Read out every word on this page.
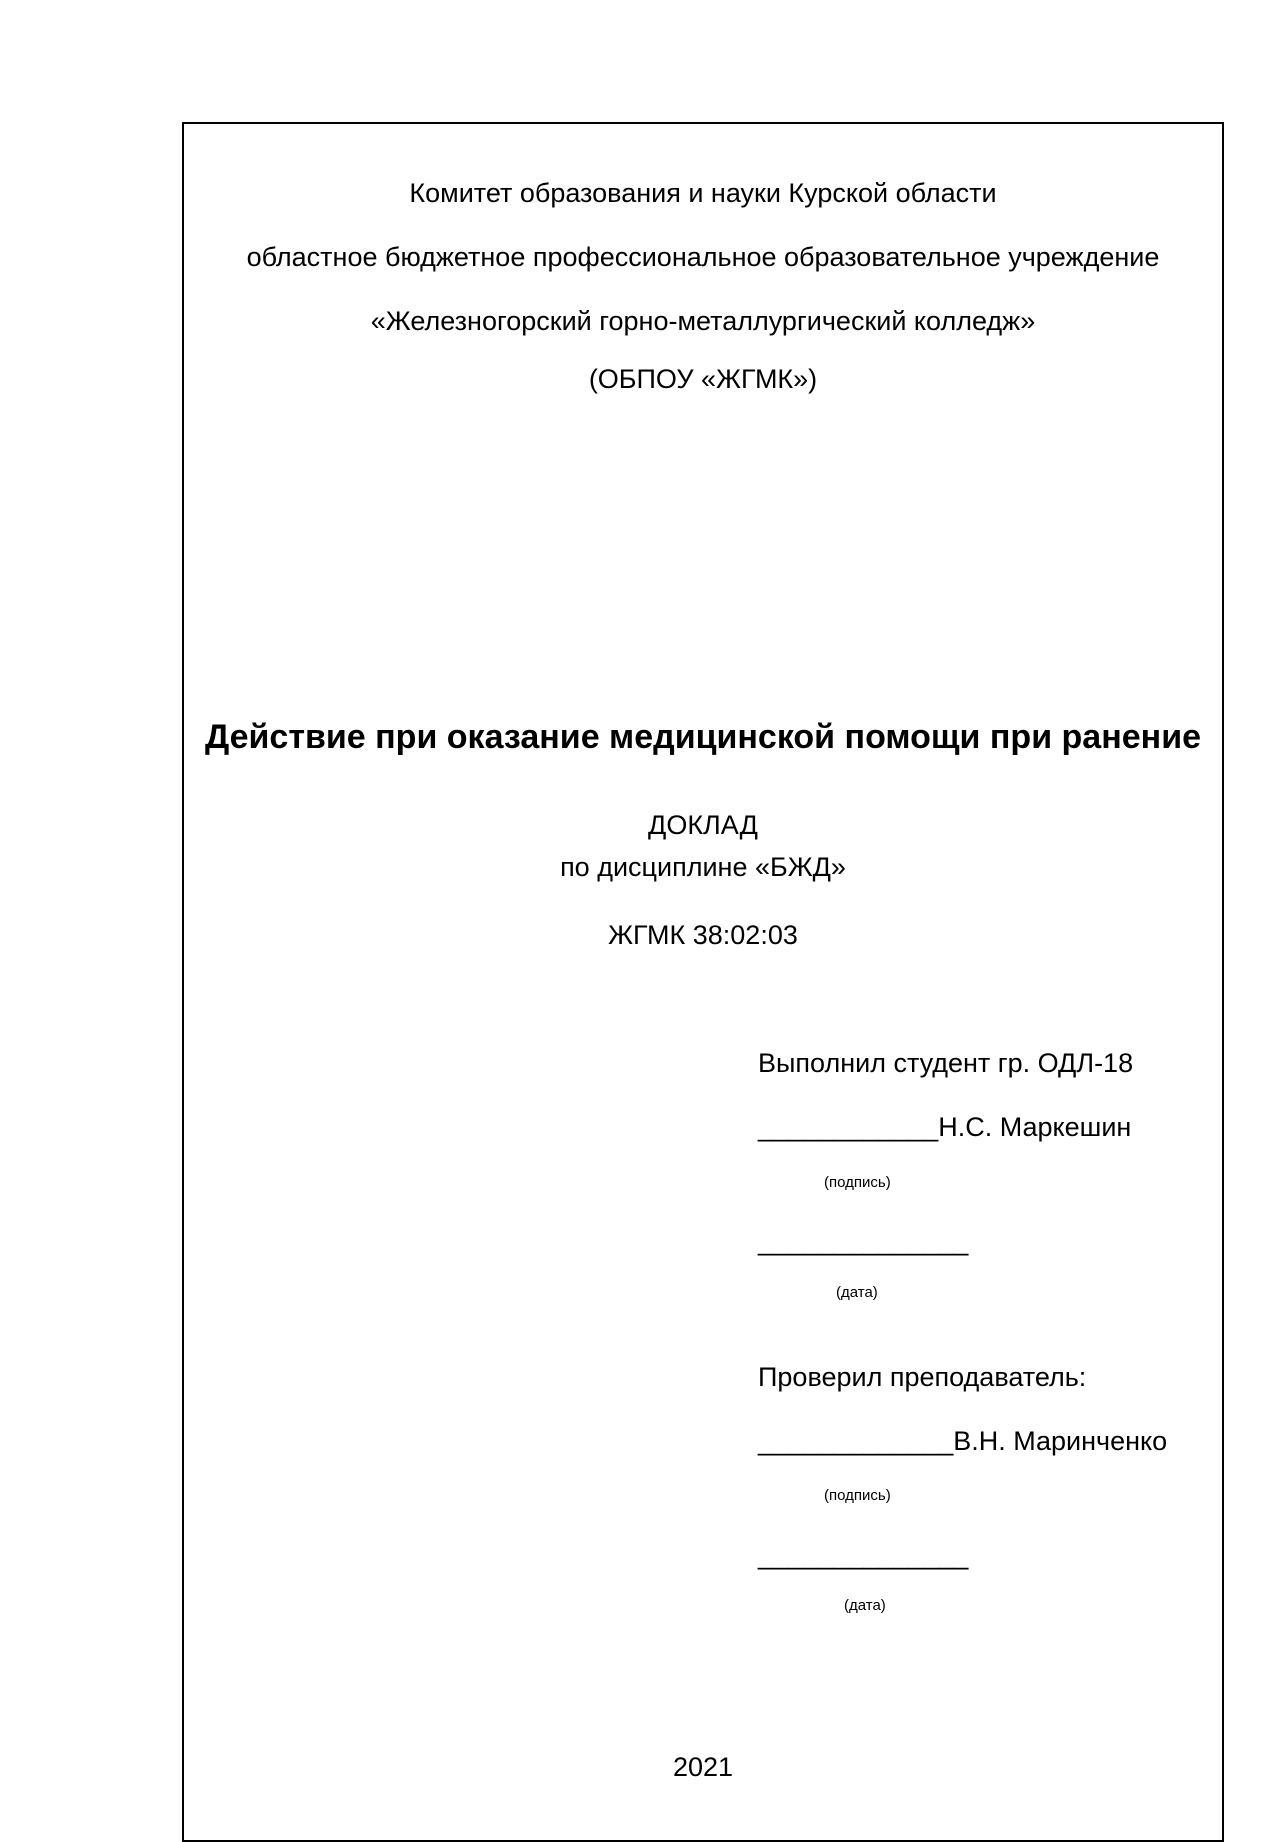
Комитет образования и науки Курской области
областное бюджетное профессиональное образовательное учреждение
«Железногорский горно-металлургический колледж»
(ОБПОУ «ЖГМК»)
Действие при оказание медицинской помощи при ранение
ДОКЛАД
по дисциплине «БЖД»
ЖГМК 38:02:03
Выполнил студент гр. ОДЛ-18
____________Н.С. Маркешин
(подпись)
______________
(дата)
Проверил преподаватель:
_____________В.Н. Маринченко
(подпись)
______________
(дата)
2021
